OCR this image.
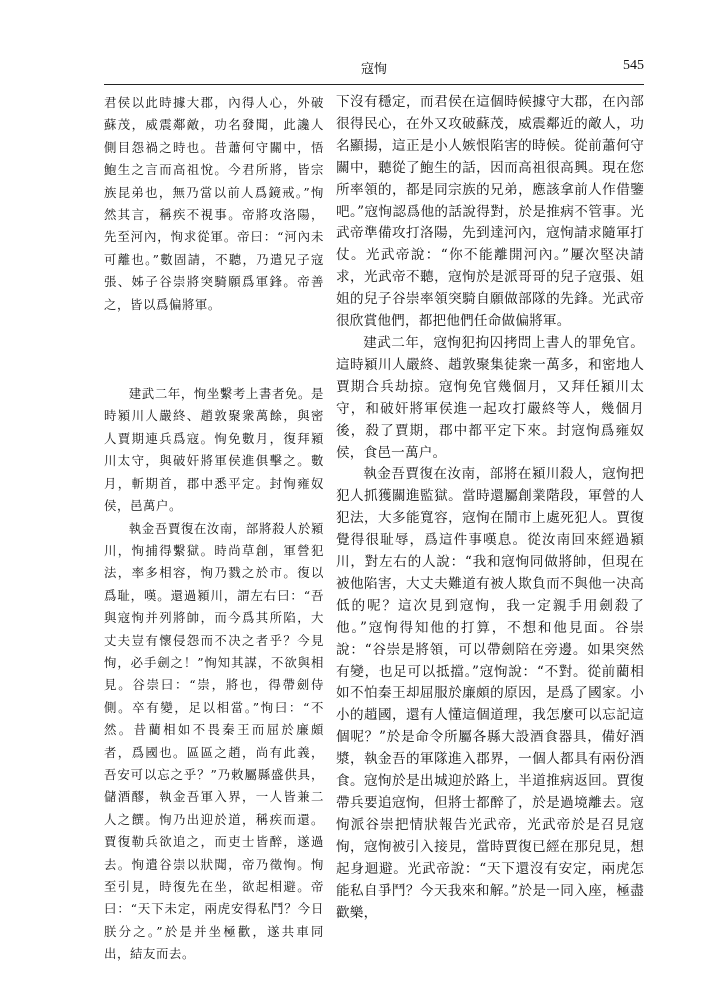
寇恂	545

君侯以此時據大郡，內得人心，外破蘇茂，威震鄰敵，功名發聞，此讒人側目怨禍之時也。昔蕭何守關中，悟鮑生之言而高祖悅。今君所將，皆宗族昆弟也，無乃當以前人爲鏡戒。”恂然其言，稱疾不視事。帝將攻洛陽，先至河內，恂求從軍。帝曰：“河內未可離也。”數固請，不聽，乃遣兄子寇張、姊子谷崇將突騎願爲軍鋒。帝善之，皆以爲偏將軍。

建武二年，恂坐繫考上書者免。是時潁川人嚴終、趙敦聚衆萬餘，與密人賈期連兵爲寇。恂免數月，復拜潁川太守，與破奸將軍侯進俱擊之。數月，斬期首，郡中悉平定。封恂雍奴侯，邑萬户。

執金吾賈復在汝南，部將殺人於潁川，恂捕得繫獄。時尚草創，軍營犯法，率多相容，恂乃戮之於市。復以爲耻，嘆。還過潁川，謂左右曰：“吾與寇恂并列將帥，而今爲其所陷，大丈夫豈有懷侵怨而不决之者乎？今見恂，必手劍之！”恂知其謀，不欲與相見。谷崇曰：“崇，將也，得帶劍侍側。卒有變，足以相當。”恂曰：“不然。昔藺相如不畏秦王而屈於廉頗者，爲國也。區區之趙，尚有此義，吾安可以忘之乎？”乃敕屬縣盛供具，儲酒醪，執金吾軍入界，一人皆兼二人之饌。恂乃出迎於道，稱疾而還。賈復勒兵欲追之，而吏士皆醉，遂過去。恂遣谷崇以狀聞，帝乃徵恂。恂至引見，時復先在坐，欲起相避。帝曰：“天下未定，兩虎安得私鬥？今日朕分之。”於是并坐極歡，遂共車同出，結友而去。

下沒有穩定，而君侯在這個時候據守大郡，在內部很得民心，在外又攻破蘇茂，威震鄰近的敵人，功名顯揚，這正是小人嫉恨陷害的時候。從前蕭何守關中，聽從了鮑生的話，因而高祖很高興。現在您所率領的，都是同宗族的兄弟，應該拿前人作借鑒吧。”寇恂認爲他的話說得對，於是推病不管事。光武帝準備攻打洛陽，先到達河內，寇恂請求隨軍打仗。光武帝說：“你不能離開河內。”屢次堅决請求，光武帝不聽，寇恂於是派哥哥的兒子寇張、姐姐的兒子谷崇率領突騎自願做部隊的先鋒。光武帝很欣賞他們，都把他們任命做偏將軍。

建武二年，寇恂犯拘囚拷問上書人的罪免官。這時潁川人嚴終、趙敦聚集徒衆一萬多，和密地人賈期合兵劫掠。寇恂免官幾個月，又拜任潁川太守，和破奸將軍侯進一起攻打嚴終等人，幾個月後，殺了賈期，郡中都平定下來。封寇恂爲雍奴侯，食邑一萬户。

執金吾賈復在汝南，部將在潁川殺人，寇恂把犯人抓獲關進監獄。當時還屬創業階段，軍營的人犯法，大多能寬容，寇恂在鬧市上處死犯人。賈復覺得很耻辱，爲這件事嘆息。從汝南回來經過潁川，對左右的人說：“我和寇恂同做將帥，但現在被他陷害，大丈夫難道有被人欺負而不與他一决高低的呢？這次見到寇恂，我一定親手用劍殺了他。”寇恂得知他的打算，不想和他見面。谷崇說：“谷崇是將領，可以帶劍陪在旁邊。如果突然有變，也足可以抵擋。”寇恂說：“不對。從前藺相如不怕秦王却屈服於廉頗的原因，是爲了國家。小小的趙國，還有人懂這個道理，我怎麼可以忘記這個呢？”於是命令所屬各縣大設酒食器具，備好酒漿，執金吾的軍隊進入郡界，一個人都具有兩份酒食。寇恂於是出城迎於路上，半道推病返回。賈復帶兵要追寇恂，但將士都醉了，於是過境離去。寇恂派谷崇把情狀報告光武帝，光武帝於是召見寇恂，寇恂被引入接見，當時賈復已經在那兒見，想起身迴避。光武帝說：“天下還沒有安定，兩虎怎能私自爭鬥？今天我來和解。”於是一同入座，極盡歡樂，
